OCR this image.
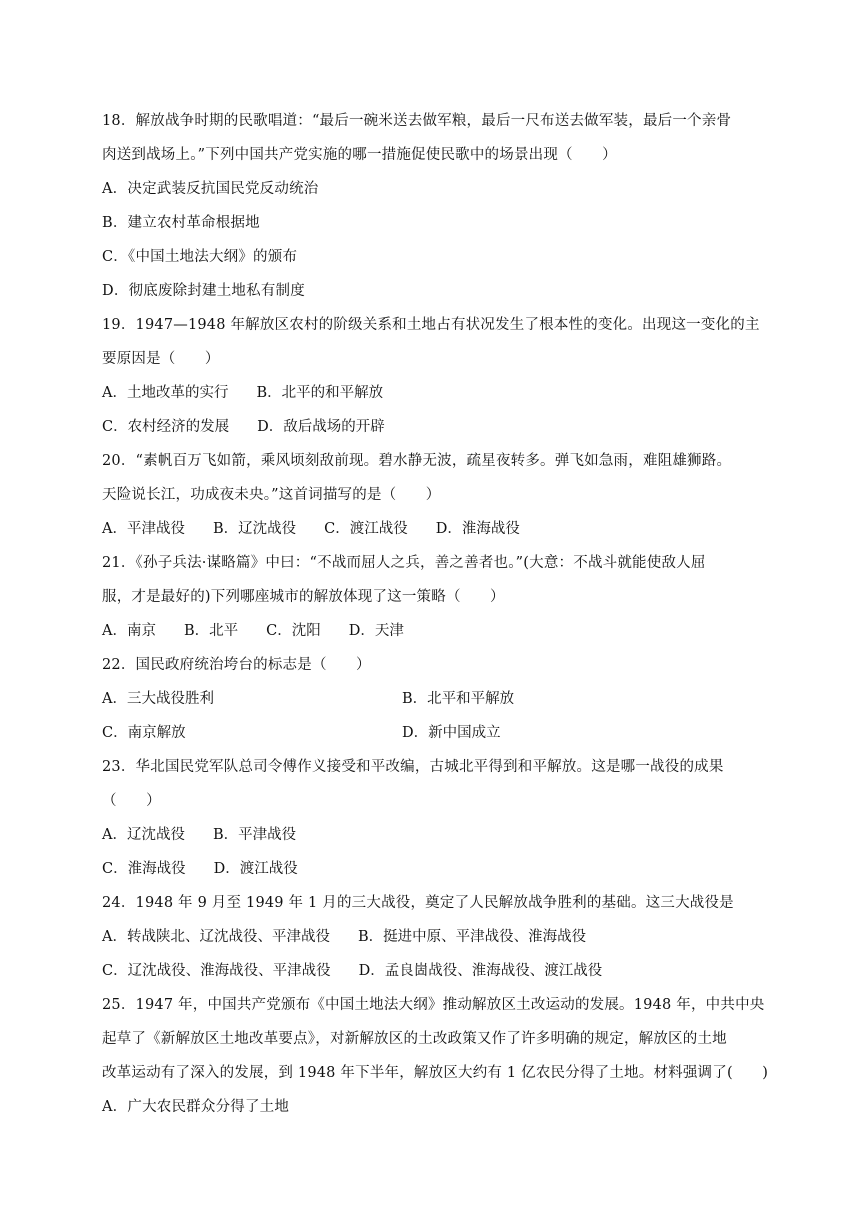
18．解放战争时期的民歌唱道：“最后一碗米送去做军粮，最后一尺布送去做军装，最后一个亲骨
肉送到战场上。”下列中国共产党实施的哪一措施促使民歌中的场景出现（　　）
A．决定武装反抗国民党反动统治
B．建立农村革命根据地
C．《中国土地法大纲》的颁布
D．彻底废除封建土地私有制度
19．1947—1948 年解放区农村的阶级关系和土地占有状况发生了根本性的变化。出现这一变化的主
要原因是（　　）
A．土地改革的实行 B．北平的和平解放
C．农村经济的发展 D．敌后战场的开辟
20．“素帆百万飞如箭，乘风顷刻敌前现。碧水静无波，疏星夜转多。弹飞如急雨，难阻雄狮路。
天险说长江，功成夜未央。”这首词描写的是（　　）
A．平津战役 B．辽沈战役 C．渡江战役 D．淮海战役
21．《孙子兵法·谋略篇》中曰：“不战而屈人之兵，善之善者也。”(大意：不战斗就能使敌人屈
服，才是最好的)下列哪座城市的解放体现了这一策略（　　）
A．南京 B．北平 C．沈阳 D．天津
22．国民政府统治垮台的标志是（　　）
A．三大战役胜利	B．北平和平解放
C．南京解放	D．新中国成立
23．华北国民党军队总司令傅作义接受和平改编，古城北平得到和平解放。这是哪一战役的成果
（　　）
A．辽沈战役 B．平津战役
C．淮海战役 D．渡江战役
24．1948 年 9 月至 1949 年 1 月的三大战役，奠定了人民解放战争胜利的基础。这三大战役是
A．转战陕北、辽沈战役、平津战役 B．挺进中原、平津战役、淮海战役
C．辽沈战役、淮海战役、平津战役 D．孟良崮战役、淮海战役、渡江战役
25．1947 年，中国共产党颁布《中国土地法大纲》推动解放区土改运动的发展。1948 年，中共中央
起草了《新解放区土地改革要点》，对新解放区的土改政策又作了许多明确的规定，解放区的土地
改革运动有了深入的发展，到 1948 年下半年，解放区大约有 1 亿农民分得了土地。材料强调了(　　)
A．广大农民群众分得了土地
